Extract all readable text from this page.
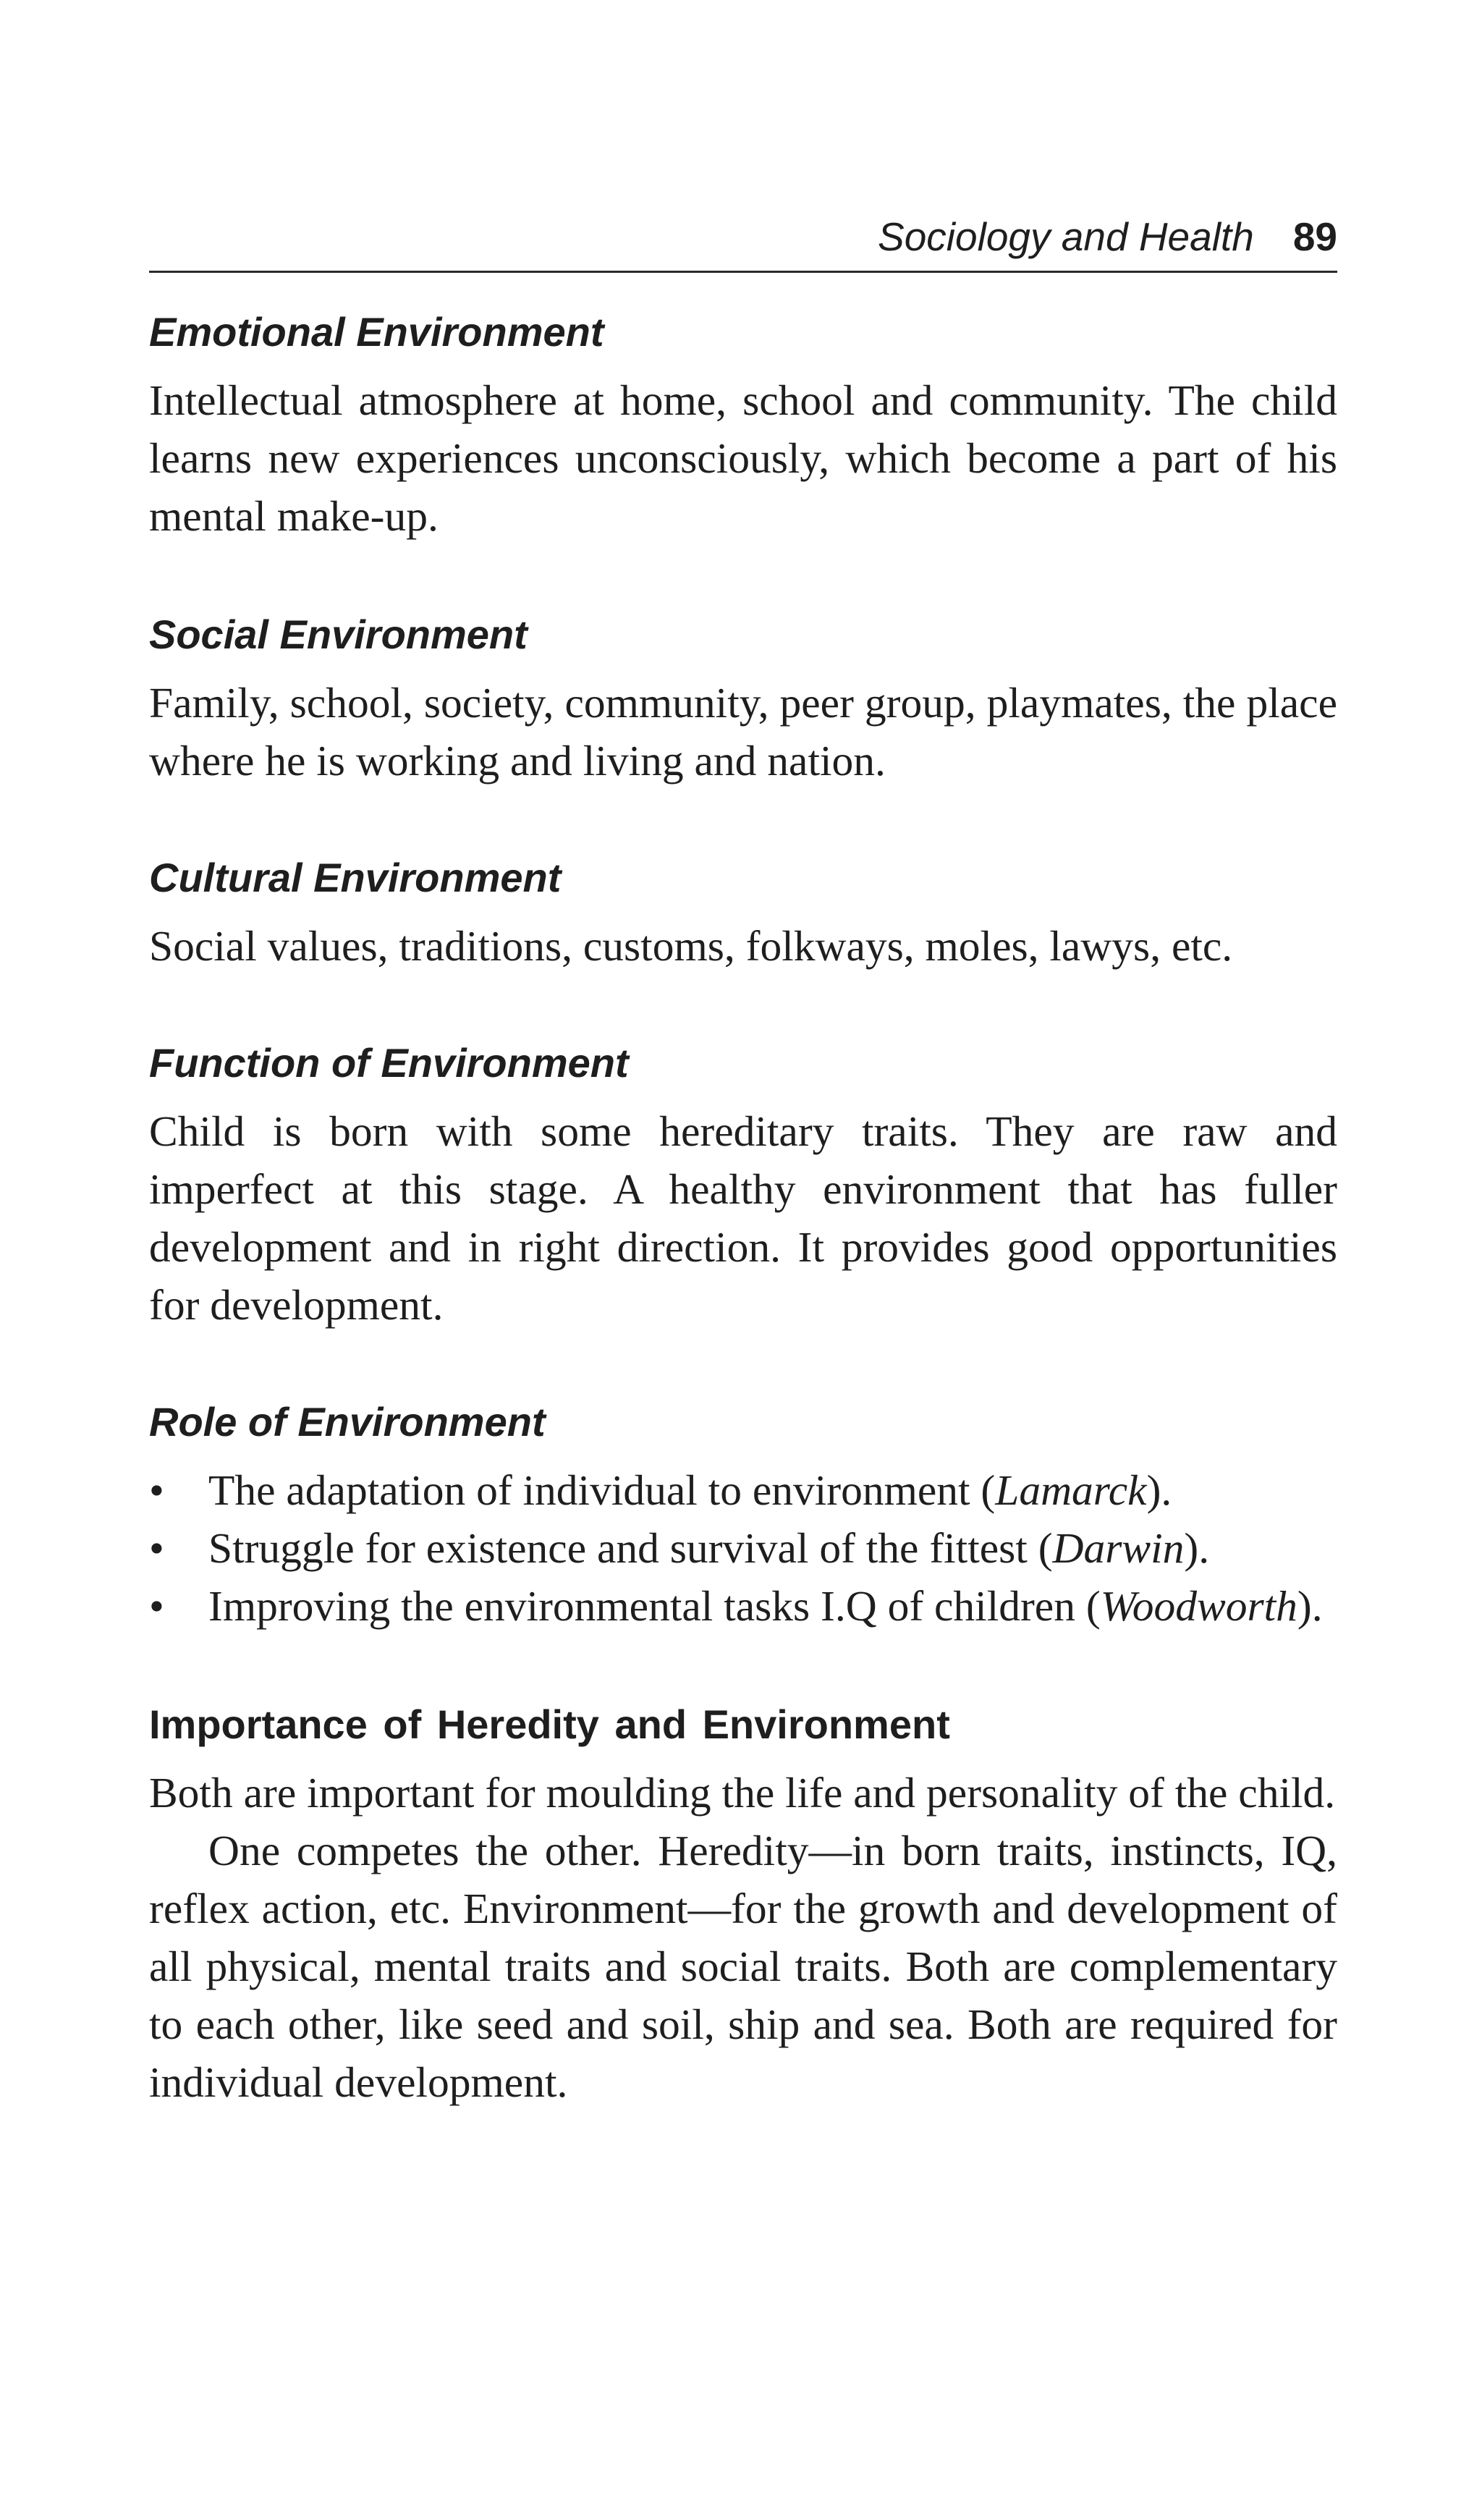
Sociology and Health 89
Emotional Environment

Intellectual atmosphere at home, school and community. The child learns new experiences unconsciously, which become a part of his mental make-up.

Social Environment

Family, school, society, community, peer group, playmates, the place where he is working and living and nation.

Cultural Environment

Social values, traditions, customs, folkways, moles, lawys, etc.

Function of Environment

Child is born with some hereditary traits. They are raw and imperfect at this stage. A healthy environment that has fuller development and in right direction. It provides good opportunities for development.

Role of Environment
•	The adaptation of individual to environment (Lamarck).
•	Struggle for existence and survival of the fittest (Darwin).
•	Improving the environmental tasks I.Q of children (Woodworth).
Importance of Heredity and Environment

Both are important for moulding the life and personality of the child.

One competes the other. Heredity—in born traits, instincts, IQ, reflex action, etc. Environment—for the growth and development of all physical, mental traits and social traits. Both are complementary to each other, like seed and soil, ship and sea. Both are required for individual development.
